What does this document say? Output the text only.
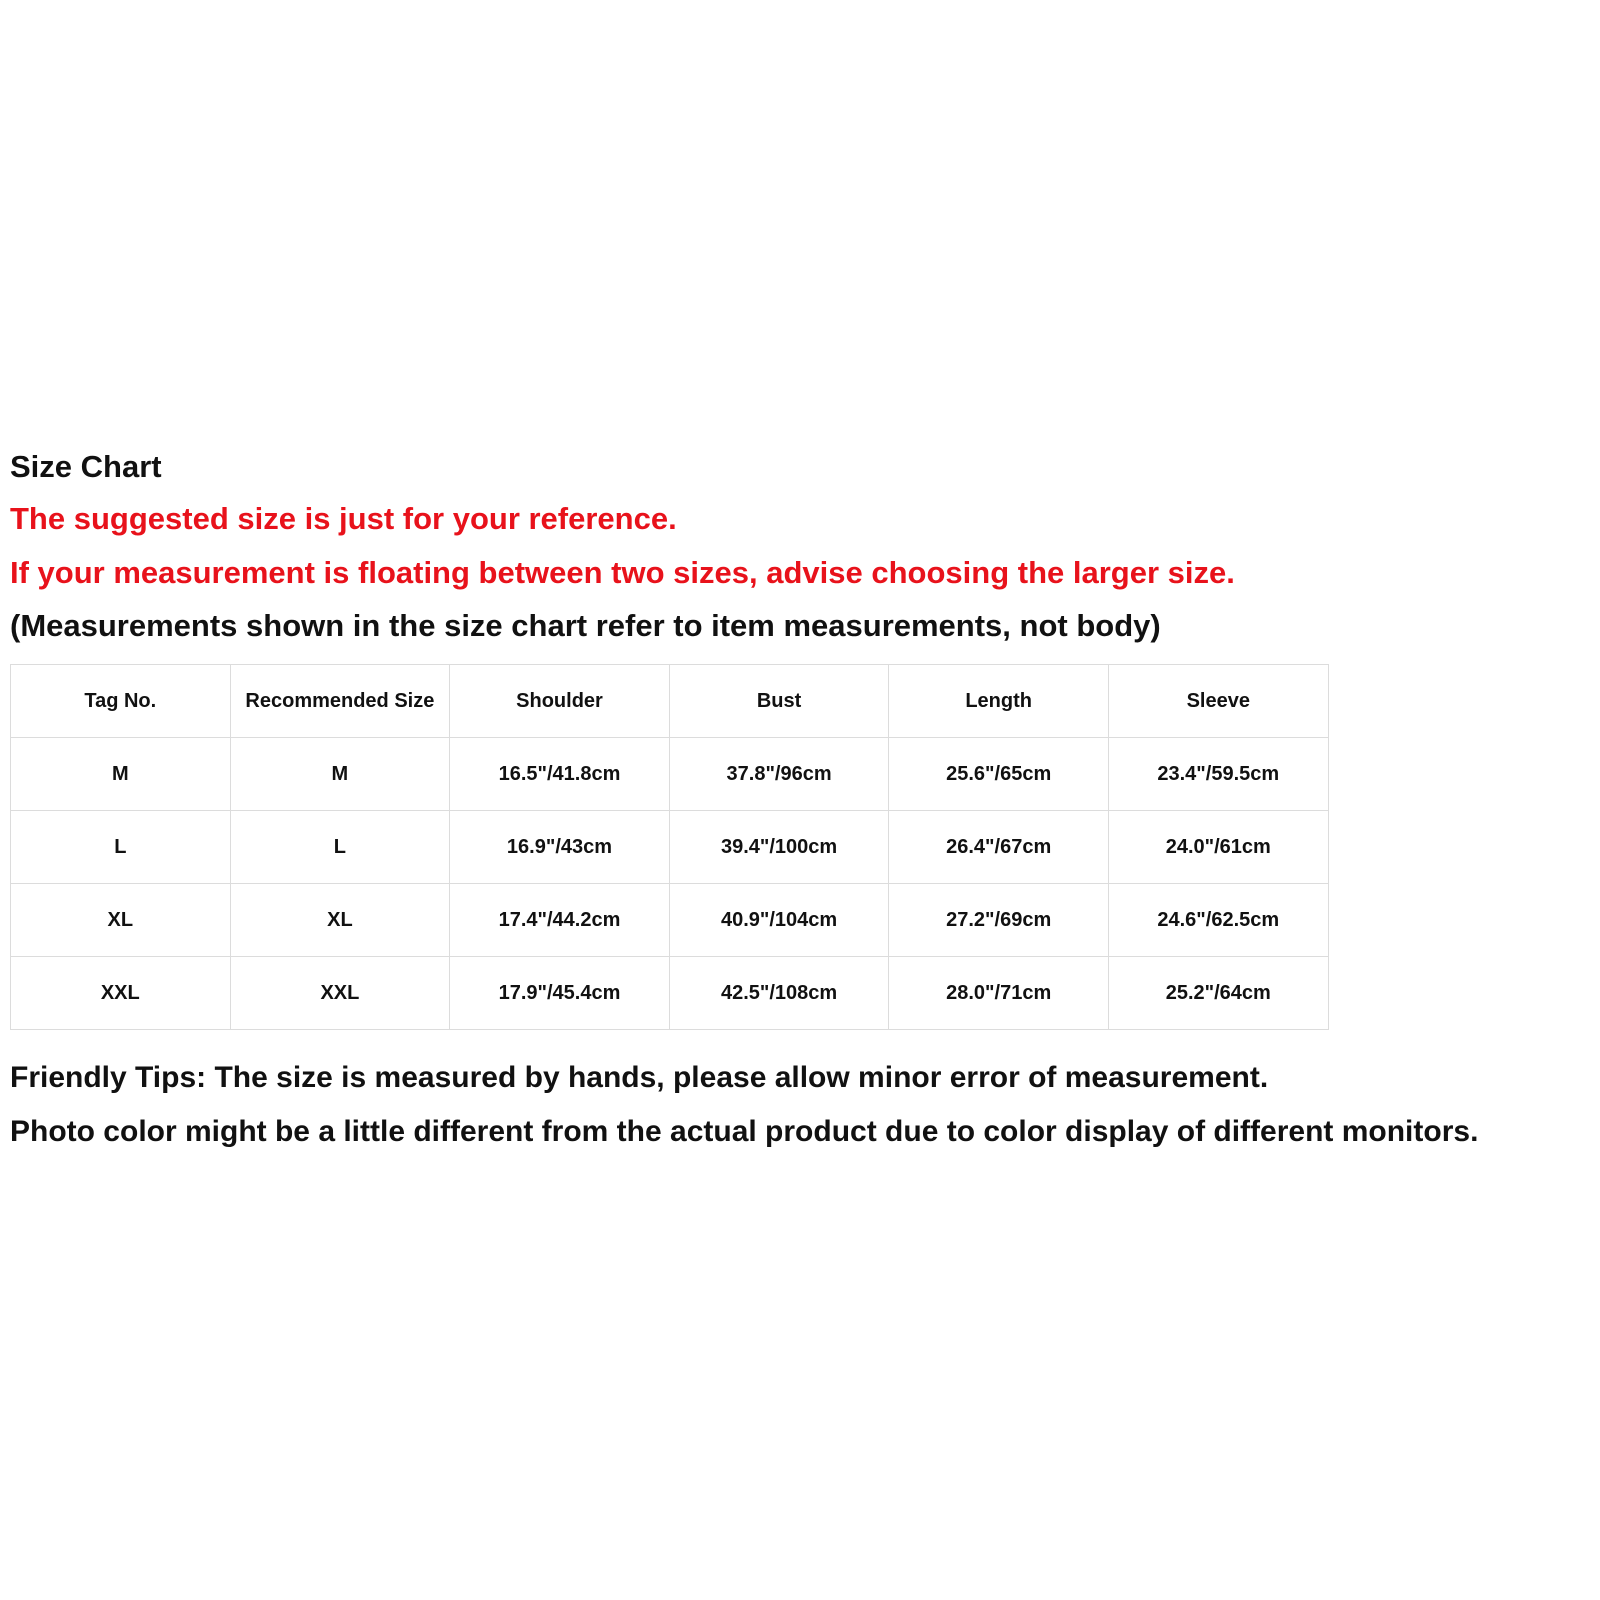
Size Chart
The suggested size is just for your reference.
If your measurement is floating between two sizes, advise choosing the larger size.
(Measurements shown in the size chart refer to item measurements, not body)
Tag No.	Recommended Size	Shoulder	Bust	Length	Sleeve
M	M	16.5"/41.8cm	37.8"/96cm	25.6"/65cm	23.4"/59.5cm
L	L	16.9"/43cm	39.4"/100cm	26.4"/67cm	24.0"/61cm
XL	XL	17.4"/44.2cm	40.9"/104cm	27.2"/69cm	24.6"/62.5cm
XXL	XXL	17.9"/45.4cm	42.5"/108cm	28.0"/71cm	25.2"/64cm
Friendly Tips: The size is measured by hands, please allow minor error of measurement.
Photo color might be a little different from the actual product due to color display of different monitors.
